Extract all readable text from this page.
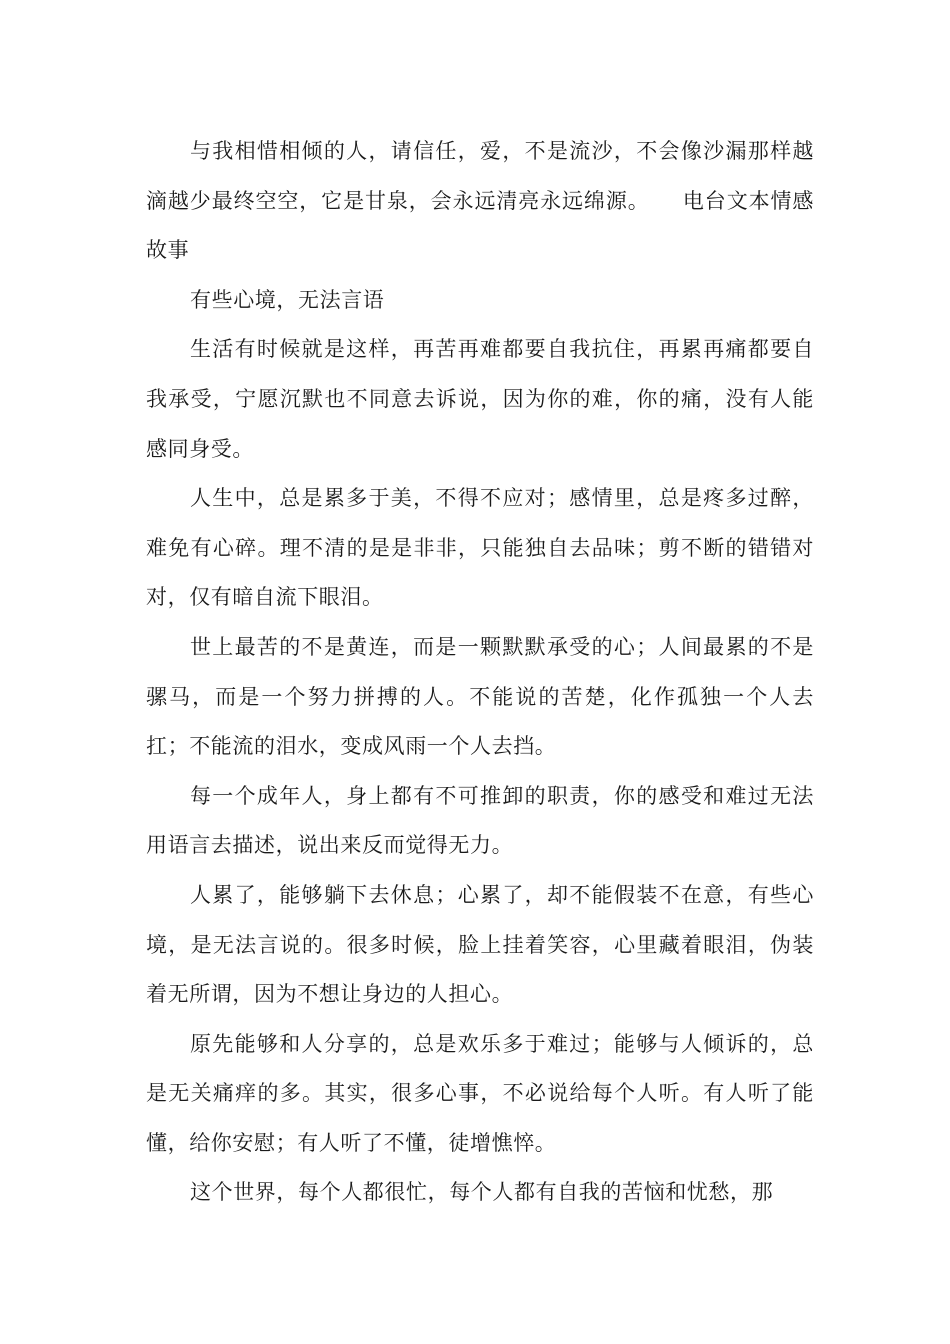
与我相惜相倾的人，请信任，爱，不是流沙，不会像沙漏那样越滴越少最终空空，它是甘泉，会永远清亮永远绵源。　　电台文本情感故事

有些心境，无法言语

生活有时候就是这样，再苦再难都要自我抗住，再累再痛都要自我承受，宁愿沉默也不同意去诉说，因为你的难，你的痛，没有人能感同身受。

人生中，总是累多于美，不得不应对；感情里，总是疼多过醉，难免有心碎。理不清的是是非非，只能独自去品味；剪不断的错错对对，仅有暗自流下眼泪。

世上最苦的不是黄连，而是一颗默默承受的心；人间最累的不是骡马，而是一个努力拼搏的人。不能说的苦楚，化作孤独一个人去扛；不能流的泪水，变成风雨一个人去挡。

每一个成年人，身上都有不可推卸的职责，你的感受和难过无法用语言去描述，说出来反而觉得无力。

人累了，能够躺下去休息；心累了，却不能假装不在意，有些心境，是无法言说的。很多时候，脸上挂着笑容，心里藏着眼泪，伪装着无所谓，因为不想让身边的人担心。

原先能够和人分享的，总是欢乐多于难过；能够与人倾诉的，总是无关痛痒的多。其实，很多心事，不必说给每个人听。有人听了能懂，给你安慰；有人听了不懂，徒增憔悴。

这个世界，每个人都很忙，每个人都有自我的苦恼和忧愁，那
